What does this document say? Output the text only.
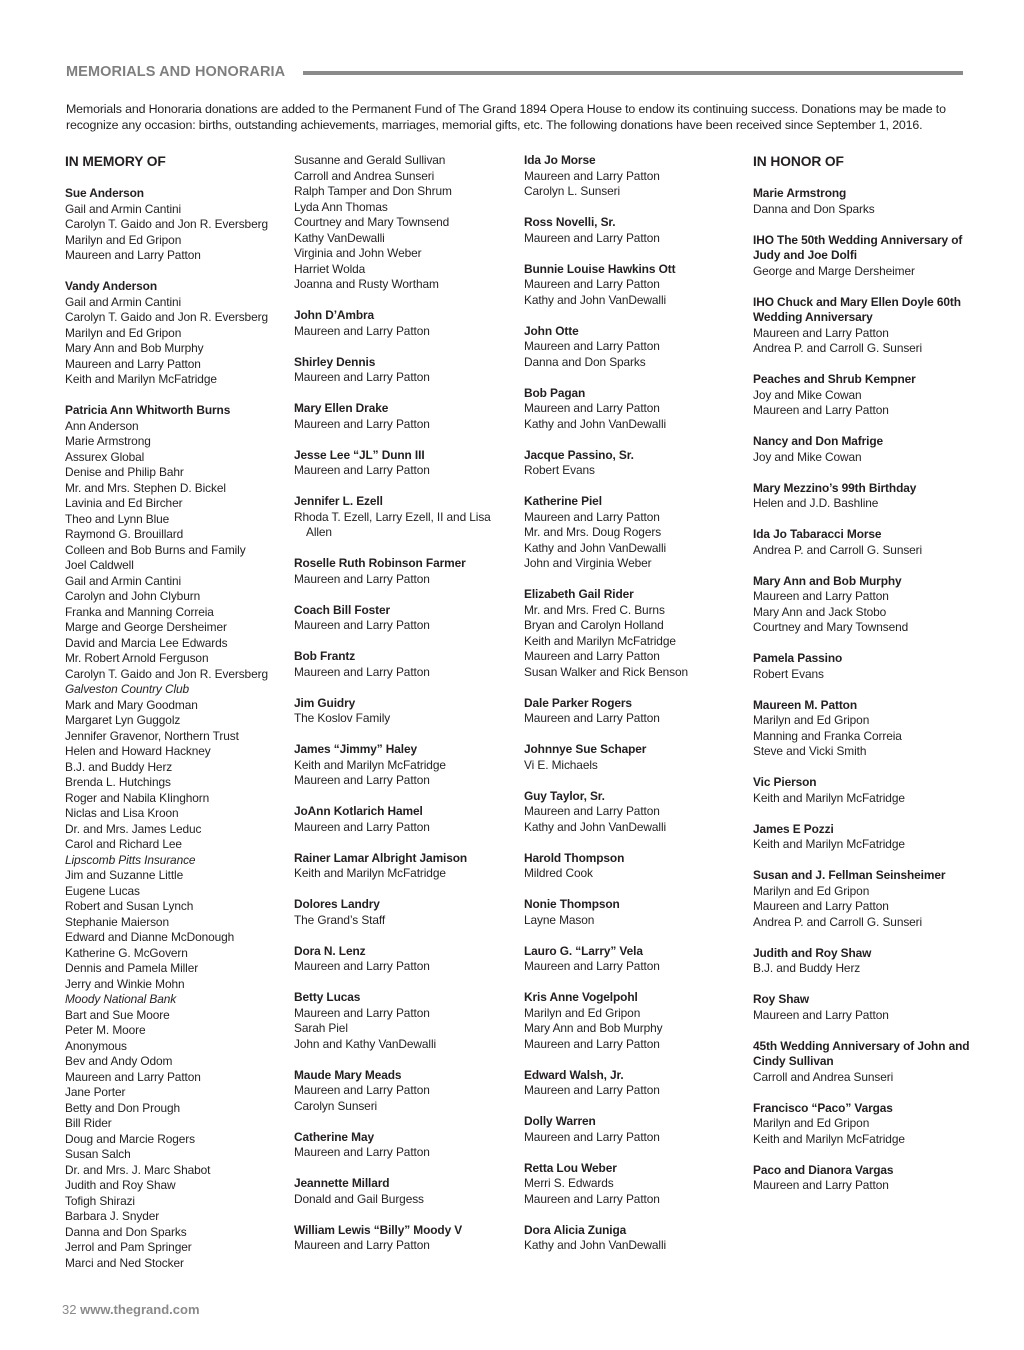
MEMORIALS AND HONORARIA

Memorials and Honoraria donations are added to the Permanent Fund of The Grand 1894 Opera House to endow its continuing success. Donations may be made to recognize any occasion: births, outstanding achievements, marriages, memorial gifts, etc. The following donations have been received since September 1, 2016.

IN MEMORY OF
Sue Anderson
Gail and Armin Cantini
Carolyn T. Gaido and Jon R. Eversberg
Marilyn and Ed Gripon
Maureen and Larry Patton
Vandy Anderson
Gail and Armin Cantini
Carolyn T. Gaido and Jon R. Eversberg
Marilyn and Ed Gripon
Mary Ann and Bob Murphy
Maureen and Larry Patton
Keith and Marilyn McFatridge
Patricia Ann Whitworth Burns
Ann Anderson
Marie Armstrong
Assurex Global
Denise and Philip Bahr
Mr. and Mrs. Stephen D. Bickel
Lavinia and Ed Bircher
Theo and Lynn Blue
Raymond G. Brouillard
Colleen and Bob Burns and Family
Joel Caldwell
Gail and Armin Cantini
Carolyn and John Clyburn
Franka and Manning Correia
Marge and George Dersheimer
David and Marcia Lee Edwards
Mr. Robert Arnold Ferguson
Carolyn T. Gaido and Jon R. Eversberg
Galveston Country Club
Mark and Mary Goodman
Margaret Lyn Guggolz
Jennifer Gravenor, Northern Trust
Helen and Howard Hackney
B.J. and Buddy Herz
Brenda L. Hutchings
Roger and Nabila KIinghorn
Niclas and Lisa Kroon
Dr. and Mrs. James Leduc
Carol and Richard Lee
Lipscomb Pitts Insurance
Jim and Suzanne Little
Eugene Lucas
Robert and Susan Lynch
Stephanie Maierson
Edward and Dianne McDonough
Katherine G. McGovern
Dennis and Pamela Miller
Jerry and Winkie Mohn
Moody National Bank
Bart and Sue Moore
Peter M. Moore
Anonymous
Bev and Andy Odom
Maureen and Larry Patton
Jane Porter
Betty and Don Prough
Bill Rider
Doug and Marcie Rogers
Susan Salch
Dr. and Mrs. J. Marc Shabot
Judith and Roy Shaw
Tofigh Shirazi
Barbara J. Snyder
Danna and Don Sparks
Jerrol and Pam Springer
Marci and Ned Stocker
Susanne and Gerald Sullivan
Carroll and Andrea Sunseri
Ralph Tamper and Don Shrum
Lyda Ann Thomas
Courtney and Mary Townsend
Kathy VanDewalli
Virginia and John Weber
Harriet Wolda
Joanna and Rusty Wortham
John D’Ambra
Maureen and Larry Patton
Shirley Dennis
Maureen and Larry Patton
Mary Ellen Drake
Maureen and Larry Patton
Jesse Lee “JL” Dunn III
Maureen and Larry Patton
Jennifer L. Ezell
Rhoda T. Ezell, Larry Ezell, II and Lisa Allen
Roselle Ruth Robinson Farmer
Maureen and Larry Patton
Coach Bill Foster
Maureen and Larry Patton
Bob Frantz
Maureen and Larry Patton
Jim Guidry
The Koslov Family
James “Jimmy” Haley
Keith and Marilyn McFatridge
Maureen and Larry Patton
JoAnn Kotlarich Hamel
Maureen and Larry Patton
Rainer Lamar Albright Jamison
Keith and Marilyn McFatridge
Dolores Landry
The Grand’s Staff
Dora N. Lenz
Maureen and Larry Patton
Betty Lucas
Maureen and Larry Patton
Sarah Piel
John and Kathy VanDewalli
Maude Mary Meads
Maureen and Larry Patton
Carolyn Sunseri
Catherine May
Maureen and Larry Patton
Jeannette Millard
Donald and Gail Burgess
William Lewis “Billy” Moody V
Maureen and Larry Patton
Ida Jo Morse
Maureen and Larry Patton
Carolyn L. Sunseri
Ross Novelli, Sr.
Maureen and Larry Patton
Bunnie Louise Hawkins Ott
Maureen and Larry Patton
Kathy and John VanDewalli
John Otte
Maureen and Larry Patton
Danna and Don Sparks
Bob Pagan
Maureen and Larry Patton
Kathy and John VanDewalli
Jacque Passino, Sr.
Robert Evans
Katherine Piel
Maureen and Larry Patton
Mr. and Mrs. Doug Rogers
Kathy and John VanDewalli
John and Virginia Weber
Elizabeth Gail Rider
Mr. and Mrs. Fred C. Burns
Bryan and Carolyn Holland
Keith and Marilyn McFatridge
Maureen and Larry Patton
Susan Walker and Rick Benson
Dale Parker Rogers
Maureen and Larry Patton
Johnnye Sue Schaper
Vi E. Michaels
Guy Taylor, Sr.
Maureen and Larry Patton
Kathy and John VanDewalli
Harold Thompson
Mildred Cook
Nonie Thompson
Layne Mason
Lauro G. “Larry” Vela
Maureen and Larry Patton
Kris Anne Vogelpohl
Marilyn and Ed Gripon
Mary Ann and Bob Murphy
Maureen and Larry Patton
Edward Walsh, Jr.
Maureen and Larry Patton
Dolly Warren
Maureen and Larry Patton
Retta Lou Weber
Merri S. Edwards
Maureen and Larry Patton
Dora Alicia Zuniga
Kathy and John VanDewalli
IN HONOR OF
Marie Armstrong
Danna and Don Sparks
IHO The 50th Wedding Anniversary of Judy and Joe Dolfi
George and Marge Dersheimer
IHO Chuck and Mary Ellen Doyle 60th Wedding Anniversary
Maureen and Larry Patton
Andrea P. and Carroll G. Sunseri
Peaches and Shrub Kempner
Joy and Mike Cowan
Maureen and Larry Patton
Nancy and Don Mafrige
Joy and Mike Cowan
Mary Mezzino’s 99th Birthday
Helen and J.D. Bashline
Ida Jo Tabaracci Morse
Andrea P. and Carroll G. Sunseri
Mary Ann and Bob Murphy
Maureen and Larry Patton
Mary Ann and Jack Stobo
Courtney and Mary Townsend
Pamela Passino
Robert Evans
Maureen M. Patton
Marilyn and Ed Gripon
Manning and Franka Correia
Steve and Vicki Smith
Vic Pierson
Keith and Marilyn McFatridge
James E Pozzi
Keith and Marilyn McFatridge
Susan and J. Fellman Seinsheimer
Marilyn and Ed Gripon
Maureen and Larry Patton
Andrea P. and Carroll G. Sunseri
Judith and Roy Shaw
B.J. and Buddy Herz
Roy Shaw
Maureen and Larry Patton
45th Wedding Anniversary of John and Cindy Sullivan
Carroll and Andrea Sunseri
Francisco “Paco” Vargas
Marilyn and Ed Gripon
Keith and Marilyn McFatridge
Paco and Dianora Vargas
Maureen and Larry Patton
32 www.thegrand.com
